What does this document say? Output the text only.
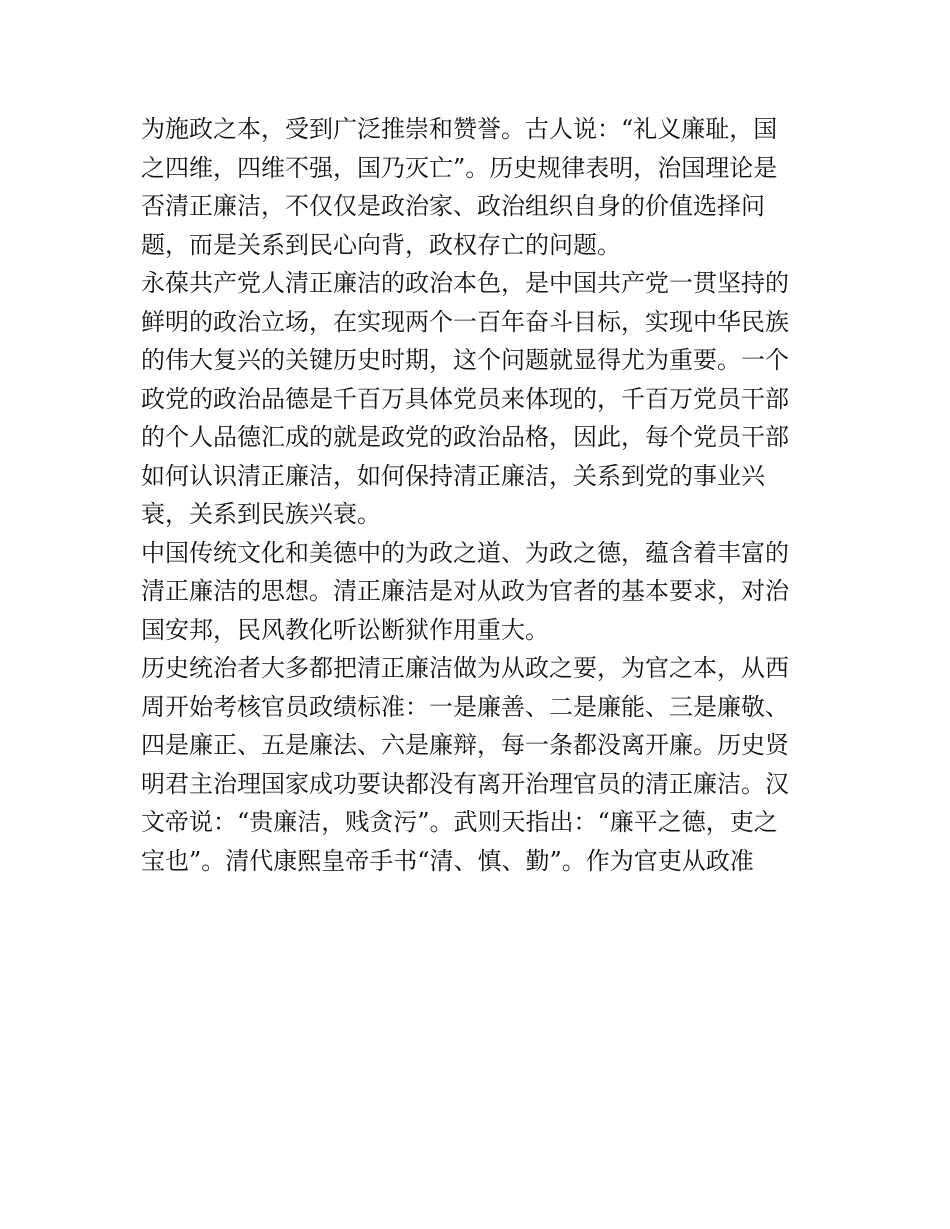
为施政之本，受到广泛推崇和赞誉。古人说：“礼义廉耻，国
之四维，四维不强，国乃灭亡”。历史规律表明，治国理论是
否清正廉洁，不仅仅是政治家、政治组织自身的价值选择问
题，而是关系到民心向背，政权存亡的问题。
永葆共产党人清正廉洁的政治本色，是中国共产党一贯坚持的
鲜明的政治立场，在实现两个一百年奋斗目标，实现中华民族
的伟大复兴的关键历史时期，这个问题就显得尤为重要。一个
政党的政治品德是千百万具体党员来体现的，千百万党员干部
的个人品德汇成的就是政党的政治品格，因此，每个党员干部
如何认识清正廉洁，如何保持清正廉洁，关系到党的事业兴
衰，关系到民族兴衰。
中国传统文化和美德中的为政之道、为政之德，蕴含着丰富的
清正廉洁的思想。清正廉洁是对从政为官者的基本要求，对治
国安邦，民风教化听讼断狱作用重大。
历史统治者大多都把清正廉洁做为从政之要，为官之本，从西
周开始考核官员政绩标准：一是廉善、二是廉能、三是廉敬、
四是廉正、五是廉法、六是廉辩，每一条都没离开廉。历史贤
明君主治理国家成功要诀都没有离开治理官员的清正廉洁。汉
文帝说：“贵廉洁，贱贪污”。武则天指出：“廉平之德，吏之
宝也”。清代康熙皇帝手书“清、慎、勤”。作为官吏从政准
